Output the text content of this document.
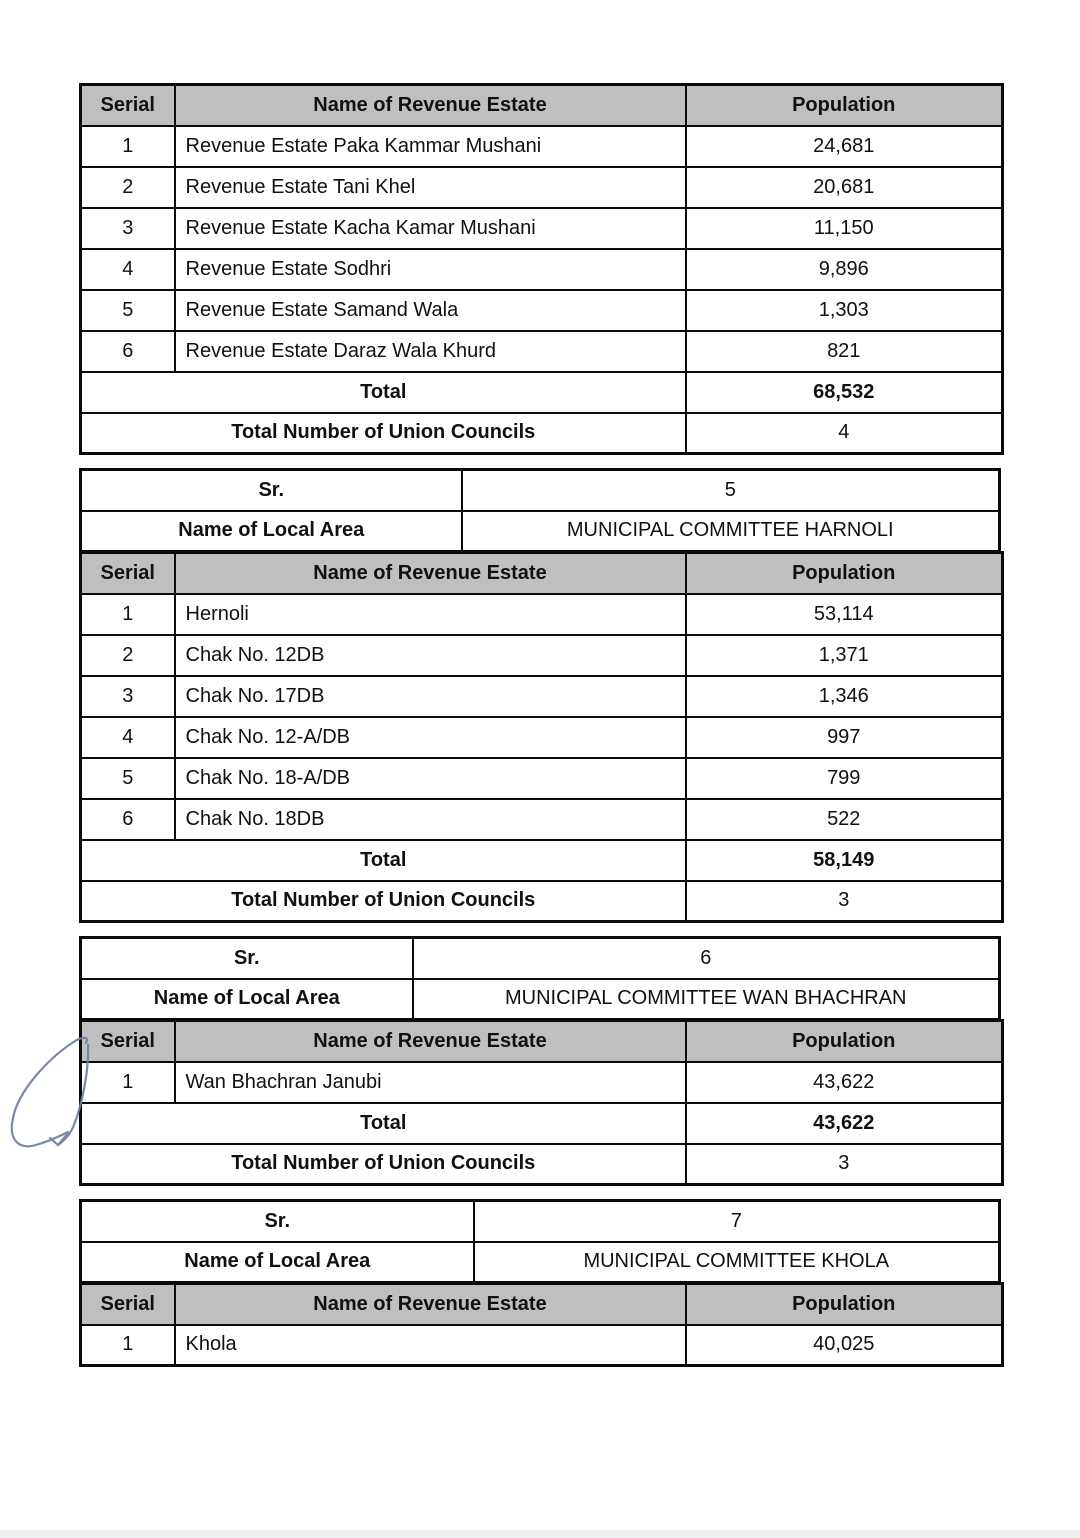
Serial	Name of Revenue Estate	Population
1	Revenue Estate Paka Kammar Mushani	24,681
2	Revenue Estate Tani Khel	20,681
3	Revenue Estate Kacha Kamar Mushani	11,150
4	Revenue Estate Sodhri	9,896
5	Revenue Estate Samand Wala	1,303
6	Revenue Estate Daraz Wala Khurd	821
Total		68,532
Total Number of Union Councils		4
Sr.	5
Name of Local Area	MUNICIPAL COMMITTEE HARNOLI
Serial	Name of Revenue Estate	Population
1	Hernoli	53,114
2	Chak No. 12DB	1,371
3	Chak No. 17DB	1,346
4	Chak No. 12-A/DB	997
5	Chak No. 18-A/DB	799
6	Chak No. 18DB	522
Total		58,149
Total Number of Union Councils		3
Sr.	6
Name of Local Area	MUNICIPAL COMMITTEE WAN BHACHRAN
Serial	Name of Revenue Estate	Population
1	Wan Bhachran Janubi	43,622
Total		43,622
Total Number of Union Councils		3
Sr.	7
Name of Local Area	MUNICIPAL COMMITTEE KHOLA
Serial	Name of Revenue Estate	Population
1	Khola	40,025
